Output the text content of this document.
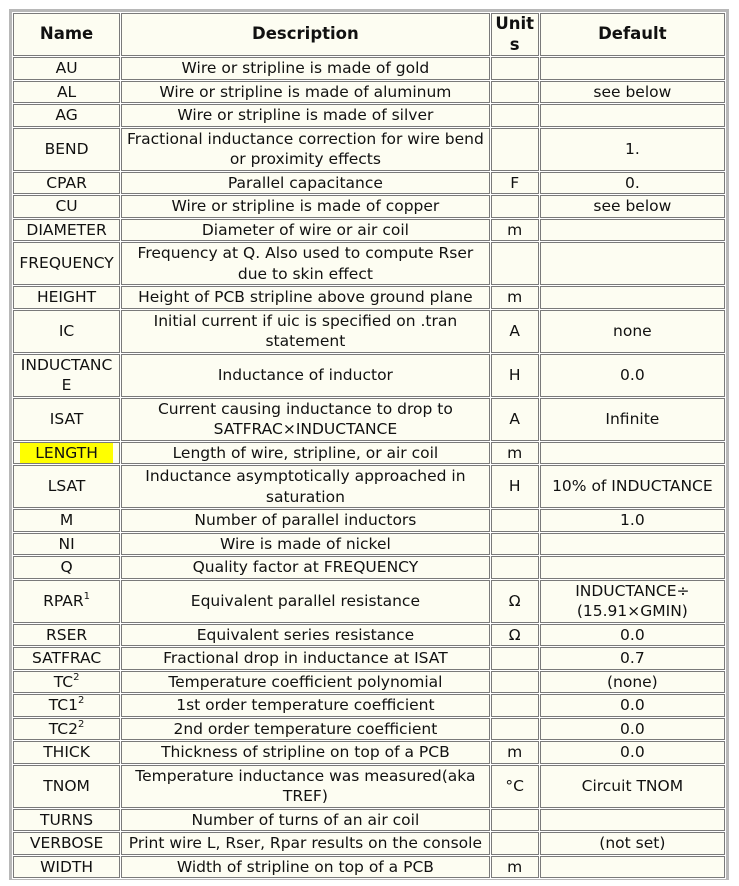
Name	Description	Units	Default
AU	Wire or stripline is made of gold		
AL	Wire or stripline is made of aluminum		see below
AG	Wire or stripline is made of silver		
BEND	Fractional inductance correction for wire bend or proximity effects		1.
CPAR	Parallel capacitance	F	0.
CU	Wire or stripline is made of copper		see below
DIAMETER	Diameter of wire or air coil	m	
FREQUENCY	Frequency at Q. Also used to compute Rser due to skin effect		
HEIGHT	Height of PCB stripline above ground plane	m	
IC	Initial current if uic is specified on .tran statement	A	none
INDUCTANCE	Inductance of inductor	H	0.0
ISAT	Current causing inductance to drop to SATFRAC×INDUCTANCE	A	Infinite
LENGTH	Length of wire, stripline, or air coil	m	
LSAT	Inductance asymptotically approached in saturation	H	10% of INDUCTANCE
M	Number of parallel inductors		1.0
NI	Wire is made of nickel		
Q	Quality factor at FREQUENCY		
RPAR$^1$	Equivalent parallel resistance	Ω	INDUCTANCE÷ (15.91×GMIN)
RSER	Equivalent series resistance	Ω	0.0
SATFRAC	Fractional drop in inductance at ISAT		0.7
$TC^2$	Temperature coefficient polynomial		(none)
$TC1^2$	1st order temperature coefficient		0.0
$TC2^2$	2nd order temperature coefficient		0.0
THICK	Thickness of stripline on top of a PCB	m	0.0
TNOM	Temperature inductance was measured(aka TREF)	°C	Circuit TNOM
TURNS	Number of turns of an air coil		
VERBOSE	Print wire L, Rser, Rpar results on the console		(not set)
WIDTH	Width of stripline on top of a PCB	m	
